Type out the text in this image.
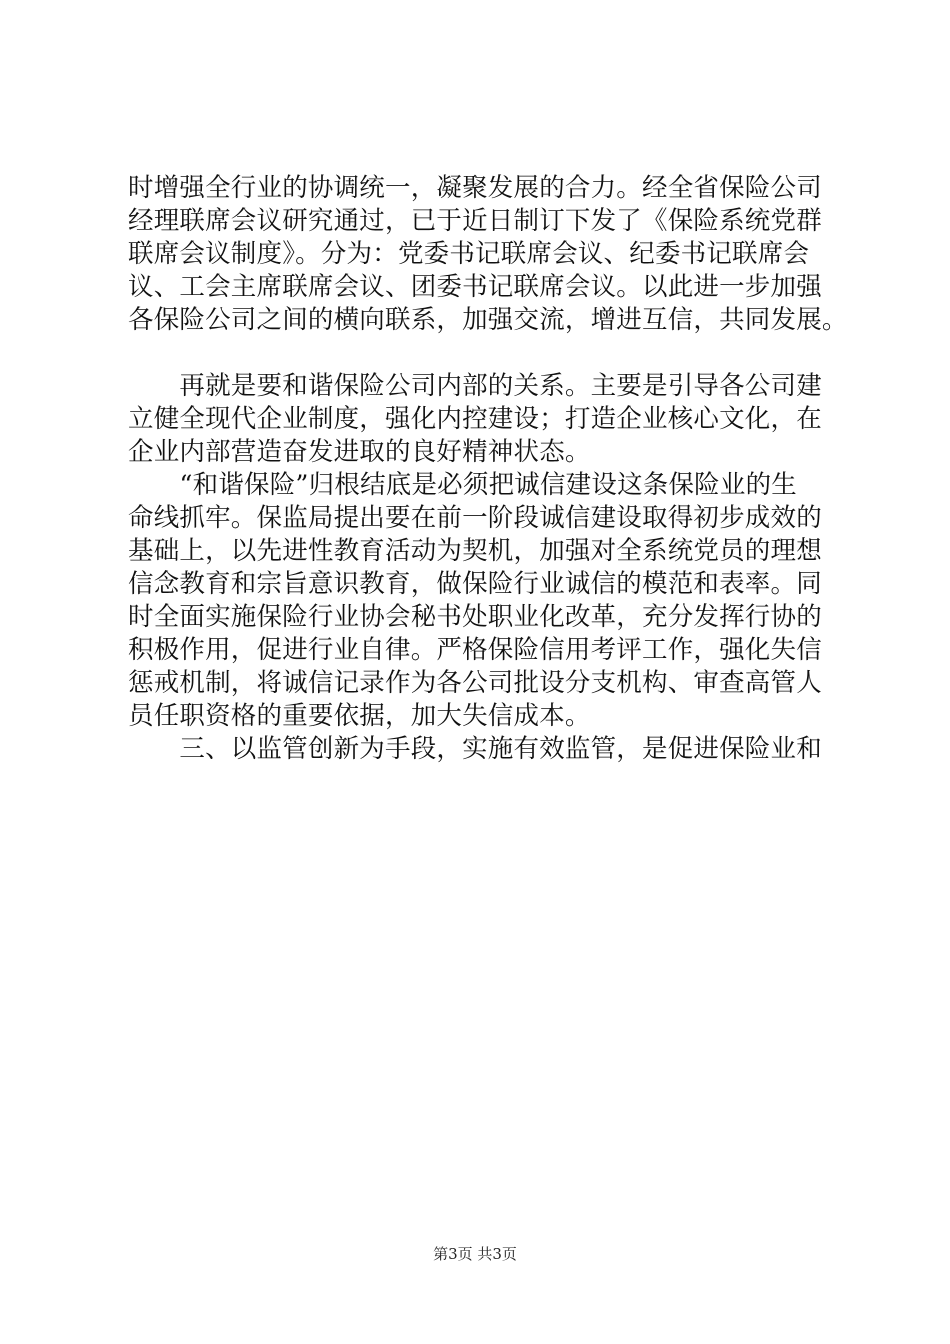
时增强全行业的协调统一，凝聚发展的合力。经全省保险公司
经理联席会议研究通过，已于近日制订下发了《保险系统党群
联席会议制度》。分为：党委书记联席会议、纪委书记联席会
议、工会主席联席会议、团委书记联席会议。以此进一步加强
各保险公司之间的横向联系，加强交流，增进互信，共同发展。
　　再就是要和谐保险公司内部的关系。主要是引导各公司建
立健全现代企业制度，强化内控建设；打造企业核心文化，在
企业内部营造奋发进取的良好精神状态。
　　“和谐保险”归根结底是必须把诚信建设这条保险业的生
命线抓牢。保监局提出要在前一阶段诚信建设取得初步成效的
基础上，以先进性教育活动为契机，加强对全系统党员的理想
信念教育和宗旨意识教育，做保险行业诚信的模范和表率。同
时全面实施保险行业协会秘书处职业化改革，充分发挥行协的
积极作用，促进行业自律。严格保险信用考评工作，强化失信
惩戒机制，将诚信记录作为各公司批设分支机构、审查高管人
员任职资格的重要依据，加大失信成本。
　　三、以监管创新为手段，实施有效监管，是促进保险业和
第3页 共3页
